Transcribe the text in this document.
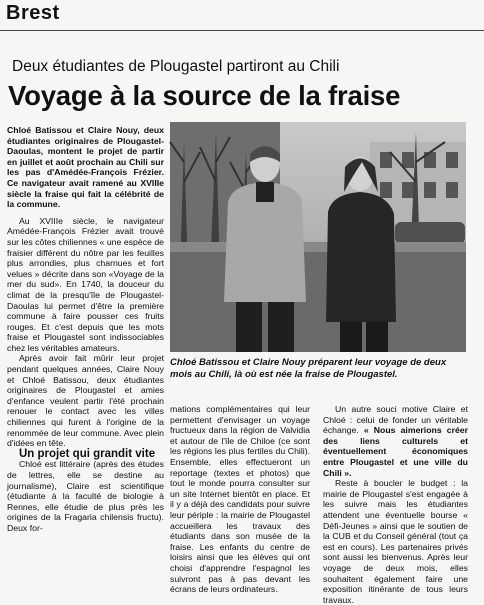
Brest
Deux étudiantes de Plougastel partiront au Chili
Voyage à la source de la fraise

Chloé Batissou et Claire Nouy, deux étudiantes originaires de Plougastel-Daoulas, montent le projet de partir en juillet et août prochain au Chili sur les pas d'Amédée-François Frézier. Ce navigateur avait ramené au XVIIIe siècle la fraise qui fait la célébrité de la commune.

Au XVIIIe siècle, le navigateur Amédée-François Frézier avait trouvé sur les côtes chiliennes « une espèce de fraisier différent du nôtre par les feuilles plus arrondies, plus charnues et fort velues » décrite dans son «Voyage de la mer du sud». En 1740, la douceur du climat de la presqu'île de Plougastel-Daoulas lui permet d'être la première commune à faire pousser ces fruits rouges. Et c'est depuis que les mots fraise et Plougastel sont indissociables chez les véritables amateurs.

Après avoir fait mûrir leur projet pendant quelques années, Claire Nouy et Chloé Batissou, deux étudiantes originaires de Plougastel et amies d'enfance veulent partir l'été prochain renouer le contact avec les villes chiliennes qui furent à l'origine de la renommée de leur commune. Avec plein d'idées en tête.

Un projet qui grandit vite

Chloé est littéraire (après des études de lettres, elle se destine au journalisme), Claire est scientifique (étudiante à la faculté de biologie à Rennes, elle étudie de plus près les origines de la Fragaria chilensis fructu). Deux for-

Chloé Batissou et Claire Nouy préparent leur voyage de deux mois au Chili, là où est née la fraise de Plougastel.

mations complémentaires qui leur permettent d'envisager un voyage fructueux dans la région de Valvidia et autour de l'île de Chiloe (ce sont les régions les plus fertiles du Chili). Ensemble, elles effectueront un reportage (textes et photos) que tout le monde pourra consulter sur un site Internet bientôt en place. Et il y a déjà des candidats pour suivre leur périple : la mairie de Plougastel accueillera les travaux des étudiants dans son musée de la fraise. Les enfants du centre de loisirs ainsi que les élèves qui ont choisi d'apprendre l'espagnol les suivront pas à pas devant les écrans de leurs ordinateurs.

Un autre souci motive Claire et Chloé : celui de fonder un véritable échange. « Nous aimerions créer des liens culturels et éventuellement économiques entre Plougastel et une ville du Chili ».

Reste à boucler le budget : la mairie de Plougastel s'est engagée à les suivre mais les étudiantes attendent une éventuelle bourse « Défi-Jeunes » ainsi que le soutien de la CUB et du Conseil général (tout ça est en cours). Les partenaires privés sont aussi les bienvenus. Après leur voyage de deux mois, elles souhaitent également faire une exposition itinérante de tous leurs travaux.
